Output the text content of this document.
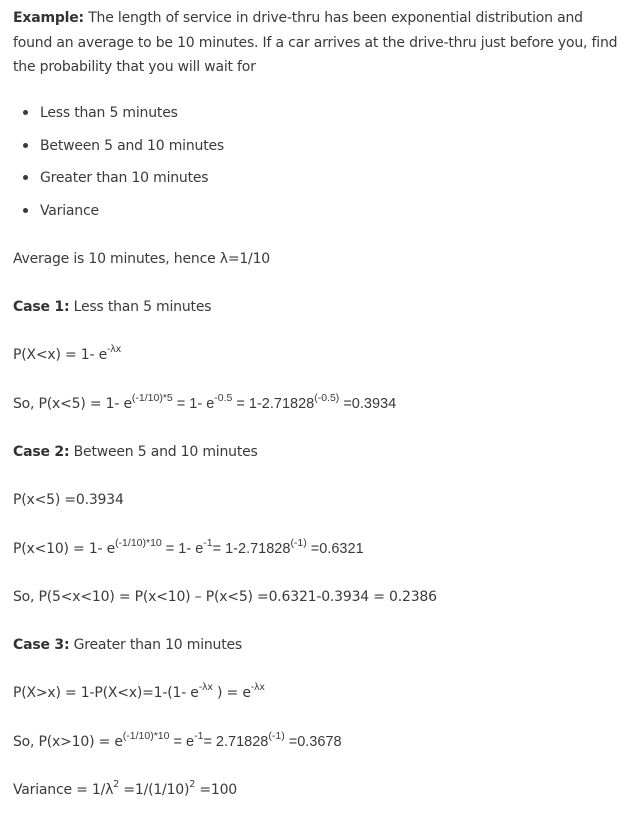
Example: The length of service in drive-thru has been exponential distribution and found an average to be 10 minutes. If a car arrives at the drive-thru just before you, find the probability that you will wait for

Less than 5 minutes
Between 5 and 10 minutes
Greater than 10 minutes
Variance
Average is 10 minutes, hence λ=1/10
Case 1: Less than 5 minutes
P(X<x) = 1- $e^{-\lambda x}$
So, P(x<5) = 1- $e^{(-1/10)*5} = 1-$ $e^{-0.5} = 1-2.71828^{(-0.5)} =0.3934$
Case 2: Between 5 and 10 minutes
P(x<5) =0.3934
P(x<10) = 1- $e^{(-1/10)*10} = 1-$ $e^{-1}= 1-2.71828^{(-1)} =0.6321$
So, P(5<x<10) = P(x<10) – P(x<5) =0.6321-0.3934 = 0.2386
Case 3: Greater than 10 minutes
P(X>x) = 1-P(X<x)=1-(1- $e^{-\lambda x}$ ) = $e^{-\lambda x}$
So, $P(x>10) = e^{(-1/10)*10} = e^{-1}= 2.71828^{(-1)} =0.3678$
Variance = $1/\lambda^2 =1/(1/10)^2 =100$
